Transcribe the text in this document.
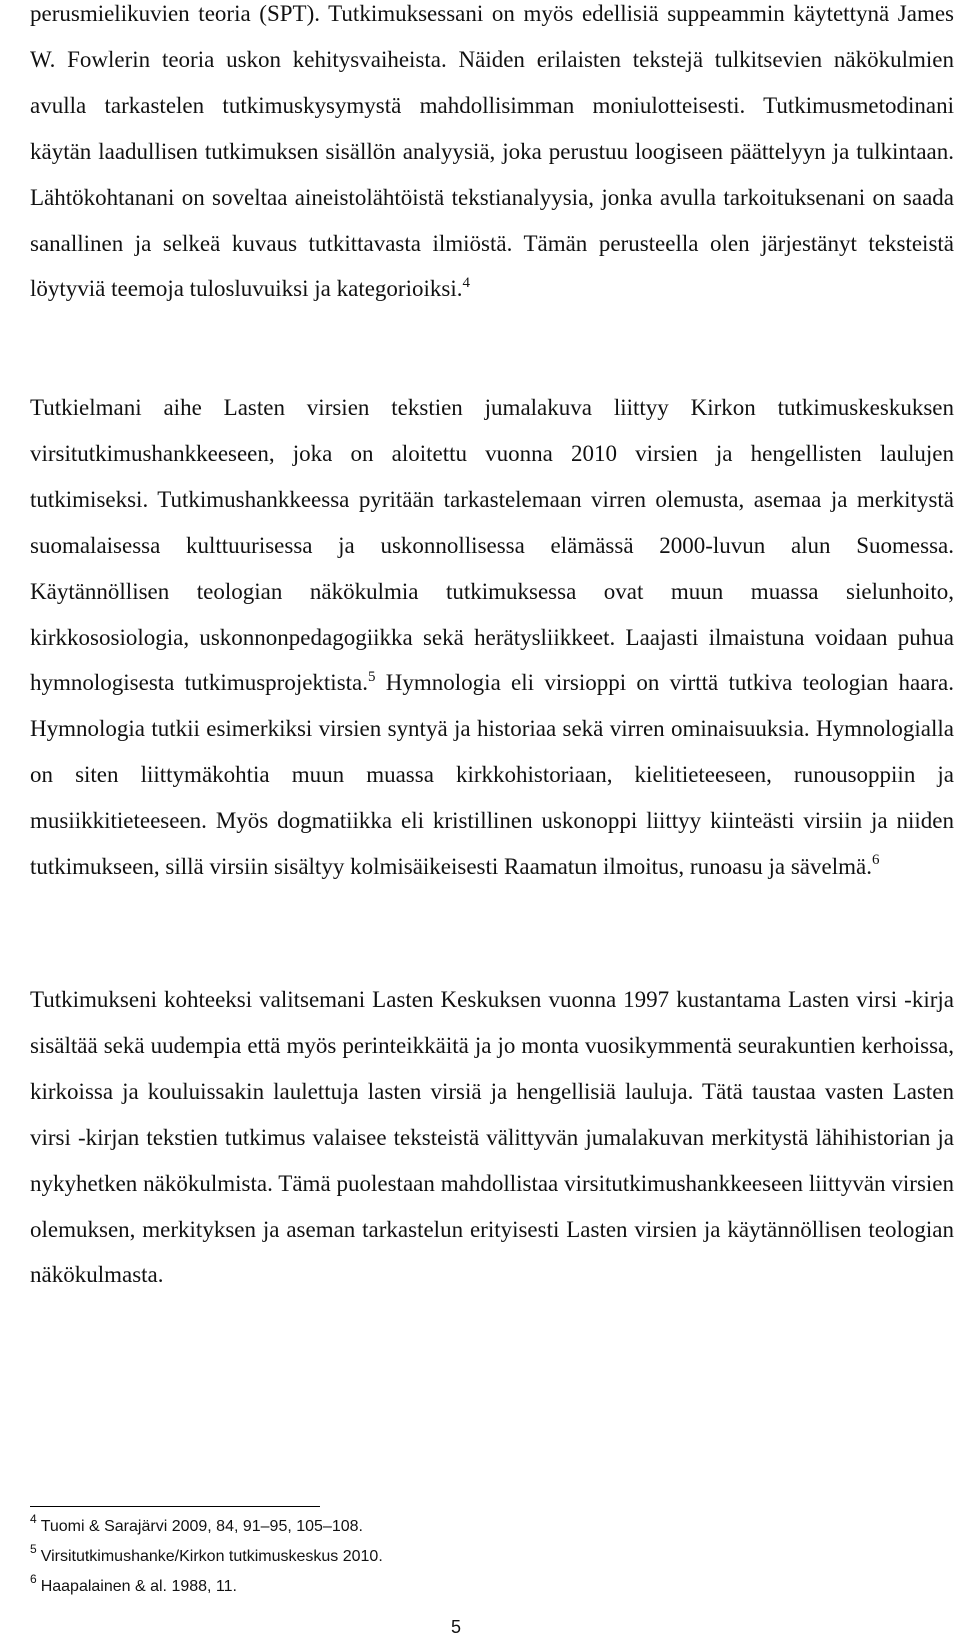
perusmielikuvien teoria (SPT). Tutkimuksessani on myös edellisiä suppeammin käytettynä James W. Fowlerin teoria uskon kehitysvaiheista. Näiden erilaisten tekstejä tulkitsevien näkökulmien avulla tarkastelen tutkimuskysymystä mahdollisimman moniulotteisesti. Tutkimusmetodinani käytän laadullisen tutkimuksen sisällön analyysiä, joka perustuu loogiseen päättelyyn ja tulkintaan. Lähtökohtanani on soveltaa aineistolähtöistä tekstianalyysia, jonka avulla tarkoituksenani on saada sanallinen ja selkeä kuvaus tutkittavasta ilmiöstä. Tämän perusteella olen järjestänyt teksteistä löytyviä teemoja tulosluvuiksi ja kategorioiksi.$^4$

Tutkielmani aihe Lasten virsien tekstien jumalakuva liittyy Kirkon tutkimuskeskuksen virsitutkimushankkeeseen, joka on aloitettu vuonna 2010 virsien ja hengellisten laulujen tutkimiseksi. Tutkimushankkeessa pyritään tarkastelemaan virren olemusta, asemaa ja merkitystä suomalaisessa kulttuurisessa ja uskonnollisessa elämässä 2000-luvun alun Suomessa. Käytännöllisen teologian näkökulmia tutkimuksessa ovat muun muassa sielunhoito, kirkkososiologia, uskonnonpedagogiikka sekä herätysliikkeet. Laajasti ilmaistuna voidaan puhua hymnologisesta tutkimusprojektista.$^5$ Hymnologia eli virsioppi on virttä tutkiva teologian haara. Hymnologia tutkii esimerkiksi virsien syntyä ja historiaa sekä virren ominaisuuksia. Hymnologialla on siten liittymäkohtia muun muassa kirkkohistoriaan, kielitieteeseen, runousoppiin ja musiikkitieteeseen. Myös dogmatiikka eli kristillinen uskonoppi liittyy kiinteästi virsiin ja niiden tutkimukseen, sillä virsiin sisältyy kolmisäikeisesti Raamatun ilmoitus, runoasu ja sävelmä.$^6$

Tutkimukseni kohteeksi valitsemani Lasten Keskuksen vuonna 1997 kustantama Lasten virsi -kirja sisältää sekä uudempia että myös perinteikkäitä ja jo monta vuosikymmentä seurakuntien kerhoissa, kirkoissa ja kouluissakin laulettuja lasten virsiä ja hengellisiä lauluja. Tätä taustaa vasten Lasten virsi -kirjan tekstien tutkimus valaisee teksteistä välittyvän jumalakuvan merkitystä lähihistorian ja nykyhetken näkökulmista. Tämä puolestaan mahdollistaa virsitutkimushankkeeseen liittyvän virsien olemuksen, merkityksen ja aseman tarkastelun erityisesti Lasten virsien ja käytännöllisen teologian näkökulmasta.

$^4$ Tuomi & Sarajärvi 2009, 84, 91–95, 105–108.
$^5$ Virsitutkimushanke/Kirkon tutkimuskeskus 2010.
$^6$ Haapalainen & al. 1988, 11.
5
